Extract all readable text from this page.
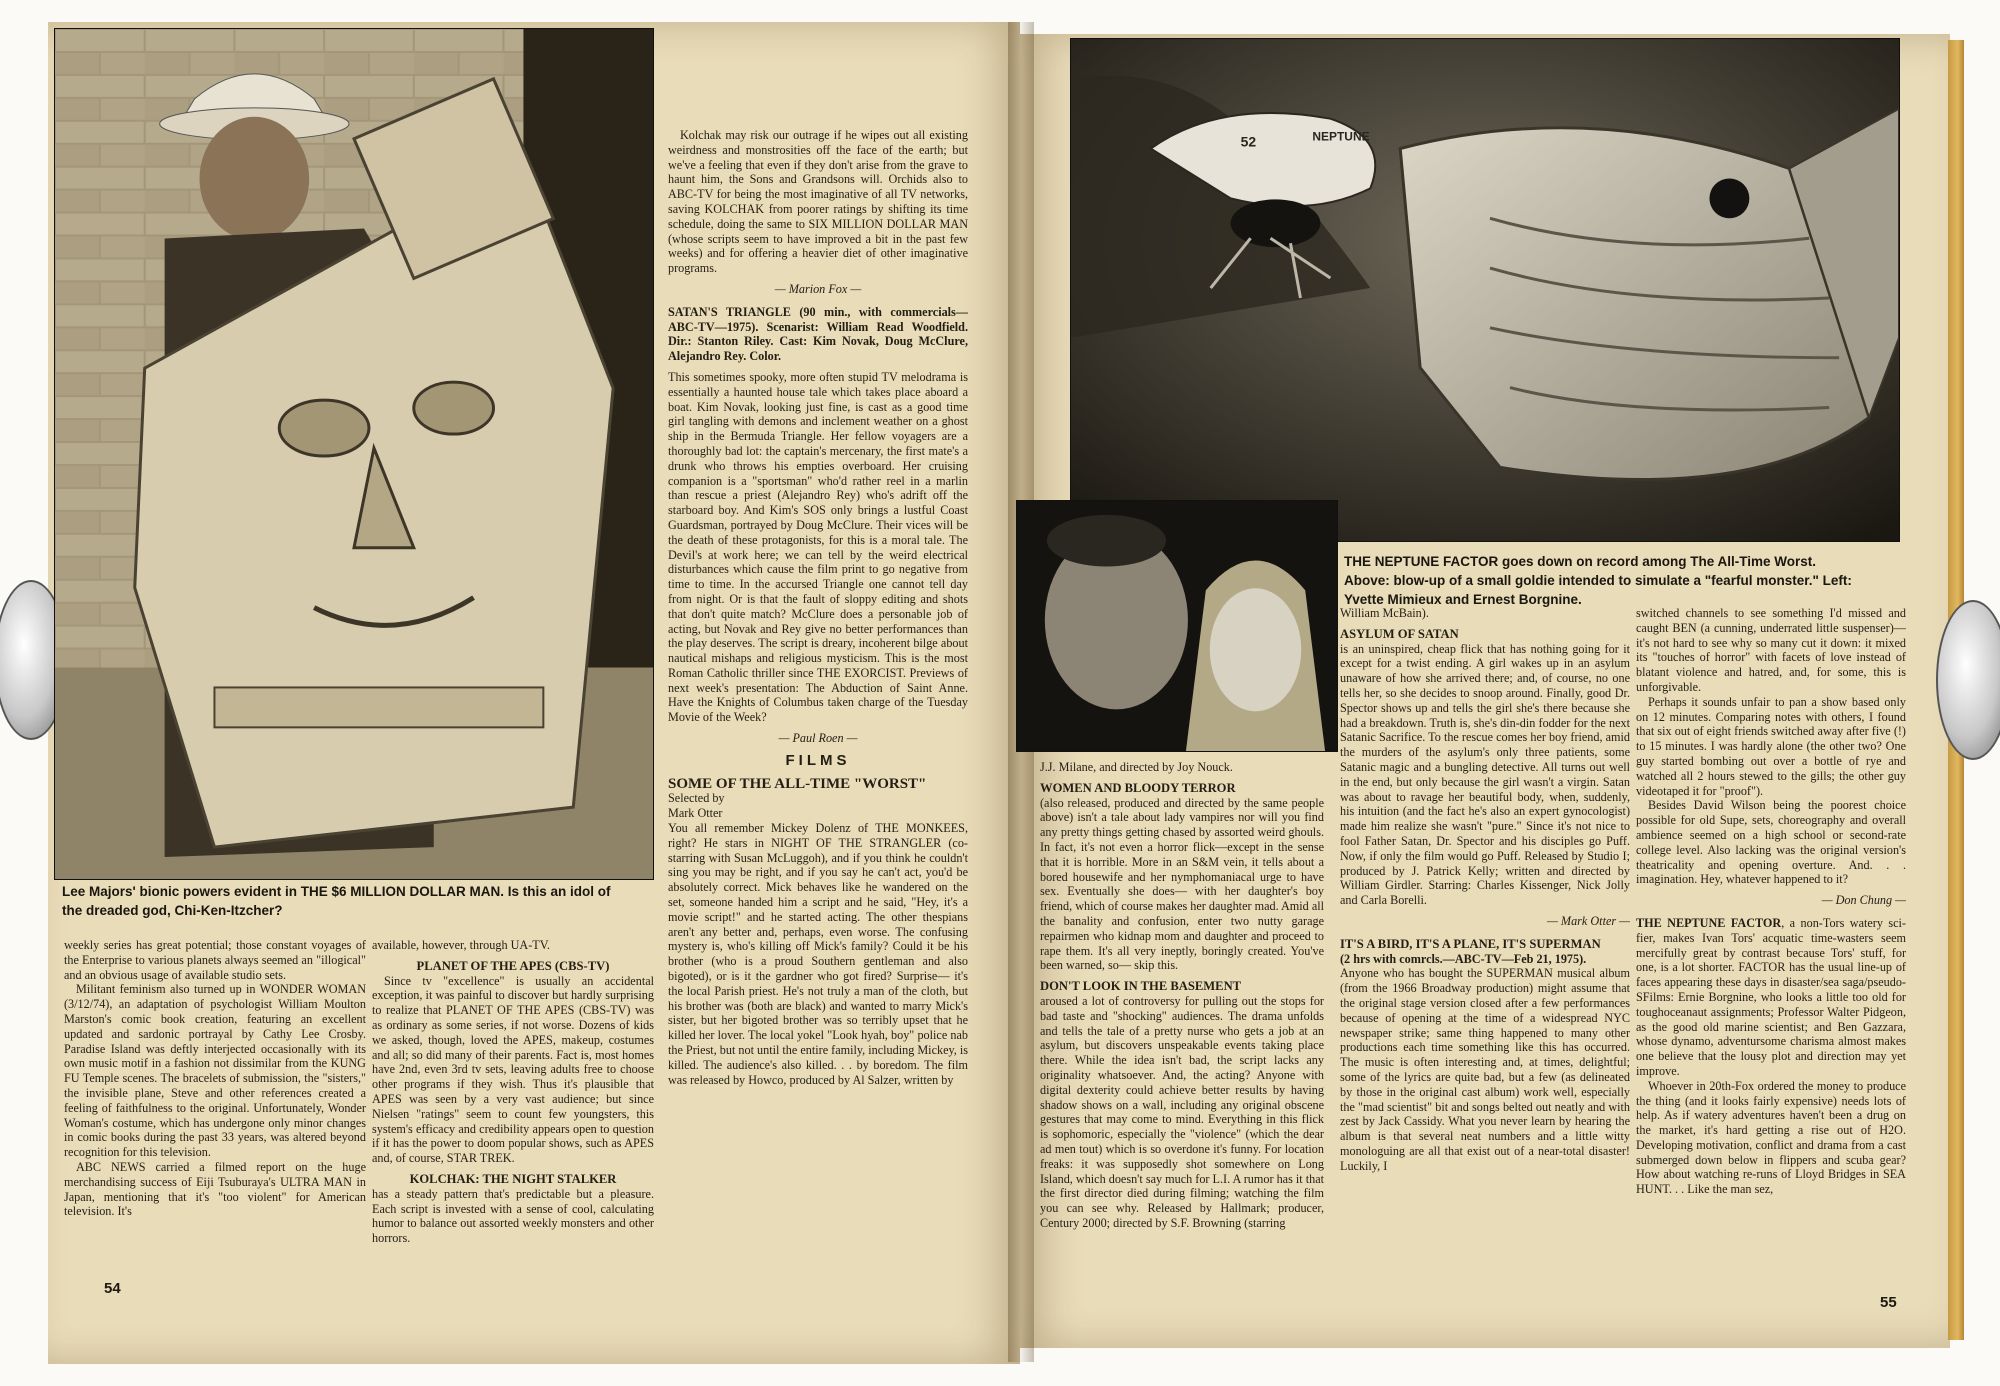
Lee Majors' bionic powers evident in THE $6 MILLION DOLLAR MAN. Is this an idol of the dreaded god, Chi-Ken-Itzcher?

weekly series has great potential; those constant voyages of the Enterprise to various planets always seemed an "illogical" and an obvious usage of available studio sets.

Militant feminism also turned up in WONDER WOMAN (3/12/74), an adaptation of psychologist William Moulton Marston's comic book creation, featuring an excellent updated and sardonic portrayal by Cathy Lee Crosby. Paradise Island was deftly interjected occasionally with its own music motif in a fashion not dissimilar from the KUNG FU Temple scenes. The bracelets of submission, the "sisters," the invisible plane, Steve and other references created a feeling of faithfulness to the original. Unfortunately, Wonder Woman's costume, which has undergone only minor changes in comic books during the past 33 years, was altered beyond recognition for this television.

ABC NEWS carried a filmed report on the huge merchandising success of Eiji Tsuburaya's ULTRA MAN in Japan, mentioning that it's "too violent" for American television. It's

available, however, through UA-TV.

PLANET OF THE APES (CBS-TV)

Since tv "excellence" is usually an accidental exception, it was painful to discover but hardly surprising to realize that PLANET OF THE APES (CBS-TV) was as ordinary as some series, if not worse. Dozens of kids we asked, though, loved the APES, makeup, costumes and all; so did many of their parents. Fact is, most homes have 2nd, even 3rd tv sets, leaving adults free to choose other programs if they wish. Thus it's plausible that APES was seen by a very vast audience; but since Nielsen "ratings" seem to count few youngsters, this system's efficacy and credibility appears open to question if it has the power to doom popular shows, such as APES and, of course, STAR TREK.

KOLCHAK: THE NIGHT STALKER

has a steady pattern that's predictable but a pleasure. Each script is invested with a sense of cool, calculating humor to balance out assorted weekly monsters and other horrors.

Kolchak may risk our outrage if he wipes out all existing weirdness and monstrosities off the face of the earth; but we've a feeling that even if they don't arise from the grave to haunt him, the Sons and Grandsons will. Orchids also to ABC-TV for being the most imaginative of all TV networks, saving KOLCHAK from poorer ratings by shifting its time schedule, doing the same to SIX MILLION DOLLAR MAN (whose scripts seem to have improved a bit in the past few weeks) and for offering a heavier diet of other imaginative programs.

— Marion Fox —

SATAN'S TRIANGLE (90 min., with commercials—ABC-TV—1975). Scenarist: William Read Woodfield. Dir.: Stanton Riley. Cast: Kim Novak, Doug McClure, Alejandro Rey. Color.

This sometimes spooky, more often stupid TV melodrama is essentially a haunted house tale which takes place aboard a boat. Kim Novak, looking just fine, is cast as a good time girl tangling with demons and inclement weather on a ghost ship in the Bermuda Triangle. Her fellow voyagers are a thoroughly bad lot: the captain's mercenary, the first mate's a drunk who throws his empties overboard. Her cruising companion is a "sportsman" who'd rather reel in a marlin than rescue a priest (Alejandro Rey) who's adrift off the starboard boy. And Kim's SOS only brings a lustful Coast Guardsman, portrayed by Doug McClure. Their vices will be the death of these protagonists, for this is a moral tale. The Devil's at work here; we can tell by the weird electrical disturbances which cause the film print to go negative from time to time. In the accursed Triangle one cannot tell day from night. Or is that the fault of sloppy editing and shots that don't quite match? McClure does a personable job of acting, but Novak and Rey give no better performances than the play deserves. The script is dreary, incoherent bilge about nautical mishaps and religious mysticism. This is the most Roman Catholic thriller since THE EXORCIST. Previews of next week's presentation: The Abduction of Saint Anne. Have the Knights of Columbus taken charge of the Tuesday Movie of the Week?

— Paul Roen —

FILMS

SOME OF THE ALL-TIME "WORST"

Selected by

Mark Otter

You all remember Mickey Dolenz of THE MONKEES, right? He stars in NIGHT OF THE STRANGLER (co-starring with Susan McLuggoh), and if you think he couldn't sing you may be right, and if you say he can't act, you'd be absolutely correct. Mick behaves like he wandered on the set, someone handed him a script and he said, "Hey, it's a movie script!" and he started acting. The other thespians aren't any better and, perhaps, even worse. The confusing mystery is, who's killing off Mick's family? Could it be his brother (who is a proud Southern gentleman and also bigoted), or is it the gardner who got fired? Surprise— it's the local Parish priest. He's not truly a man of the cloth, but his brother was (both are black) and wanted to marry Mick's sister, but her bigoted brother was so terribly upset that he killed her lover. The local yokel "Look hyah, boy" police nab the Priest, but not until the entire family, including Mickey, is killed. The audience's also killed. . . by boredom. The film was released by Howco, produced by Al Salzer, written by

54
NEPTUNE
52
THE NEPTUNE FACTOR goes down on record among The All-Time Worst. Above: blow-up of a small goldie intended to simulate a "fearful monster." Left: Yvette Mimieux and Ernest Borgnine.

J.J. Milane, and directed by Joy Nouck.

WOMEN AND BLOODY TERROR

(also released, produced and directed by the same people above) isn't a tale about lady vampires nor will you find any pretty things getting chased by assorted weird ghouls. In fact, it's not even a horror flick—except in the sense that it is horrible. More in an S&M vein, it tells about a bored housewife and her nymphomaniacal urge to have sex. Eventually she does— with her daughter's boy friend, which of course makes her daughter mad. Amid all the banality and confusion, enter two nutty garage repairmen who kidnap mom and daughter and proceed to rape them. It's all very ineptly, boringly created. You've been warned, so— skip this.

DON'T LOOK IN THE BASEMENT

aroused a lot of controversy for pulling out the stops for bad taste and "shocking" audiences. The drama unfolds and tells the tale of a pretty nurse who gets a job at an asylum, but discovers unspeakable events taking place there. While the idea isn't bad, the script lacks any originality whatsoever. And, the acting? Anyone with digital dexterity could achieve better results by having shadow shows on a wall, including any original obscene gestures that may come to mind. Everything in this flick is sophomoric, especially the "violence" (which the dear ad men tout) which is so overdone it's funny. For location freaks: it was supposedly shot somewhere on Long Island, which doesn't say much for L.I. A rumor has it that the first director died during filming; watching the film you can see why. Released by Hallmark; producer, Century 2000; directed by S.F. Browning (starring

William McBain).

ASYLUM OF SATAN

is an uninspired, cheap flick that has nothing going for it except for a twist ending. A girl wakes up in an asylum unaware of how she arrived there; and, of course, no one tells her, so she decides to snoop around. Finally, good Dr. Spector shows up and tells the girl she's there because she had a breakdown. Truth is, she's din-din fodder for the next Satanic Sacrifice. To the rescue comes her boy friend, amid the murders of the asylum's only three patients, some Satanic magic and a bungling detective. All turns out well in the end, but only because the girl wasn't a virgin. Satan was about to ravage her beautiful body, when, suddenly, his intuition (and the fact he's also an expert gynocologist) made him realize she wasn't "pure." Since it's not nice to fool Father Satan, Dr. Spector and his disciples go Puff. Now, if only the film would go Puff. Released by Studio I; produced by J. Patrick Kelly; written and directed by William Girdler. Starring: Charles Kissenger, Nick Jolly and Carla Borelli.

— Mark Otter —

IT'S A BIRD, IT'S A PLANE, IT'S SUPERMAN

(2 hrs with comrcls.—ABC-TV—Feb 21, 1975).

Anyone who has bought the SUPERMAN musical album (from the 1966 Broadway production) might assume that the original stage version closed after a few performances because of opening at the time of a widespread NYC newspaper strike; same thing happened to many other productions each time something like this has occurred. The music is often interesting and, at times, delightful; some of the lyrics are quite bad, but a few (as delineated by those in the original cast album) work well, especially the "mad scientist" bit and songs belted out neatly and with zest by Jack Cassidy. What you never learn by hearing the album is that several neat numbers and a little witty monologuing are all that exist out of a near-total disaster! Luckily, I

switched channels to see something I'd missed and caught BEN (a cunning, underrated little suspenser)—it's not hard to see why so many cut it down: it mixed its "touches of horror" with facets of love instead of blatant violence and hatred, and, for some, this is unforgivable.

Perhaps it sounds unfair to pan a show based only on 12 minutes. Comparing notes with others, I found that six out of eight friends switched away after five (!) to 15 minutes. I was hardly alone (the other two? One guy started bombing out over a bottle of rye and watched all 2 hours stewed to the gills; the other guy videotaped it for "proof").

Besides David Wilson being the poorest choice possible for old Supe, sets, choreography and overall ambience seemed on a high school or second-rate college level. Also lacking was the original version's theatricality and opening overture. And. . . imagination. Hey, whatever happened to it?

— Don Chung —

THE NEPTUNE FACTOR, a non-Tors watery sci-fier, makes Ivan Tors' acquatic time-wasters seem mercifully great by contrast because Tors' stuff, for one, is a lot shorter. FACTOR has the usual line-up of faces appearing these days in disaster/sea saga/pseudo-SFilms: Ernie Borgnine, who looks a little too old for toughoceanaut assignments; Professor Walter Pidgeon, as the good old marine scientist; and Ben Gazzara, whose dynamo, adventursome charisma almost makes one believe that the lousy plot and direction may yet improve.

Whoever in 20th-Fox ordered the money to produce the thing (and it looks fairly expensive) needs lots of help. As if watery adventures haven't been a drug on the market, it's hard getting a rise out of H2O. Developing motivation, conflict and drama from a cast submerged down below in flippers and scuba gear? How about watching re-runs of Lloyd Bridges in SEA HUNT. . . Like the man sez,

55
